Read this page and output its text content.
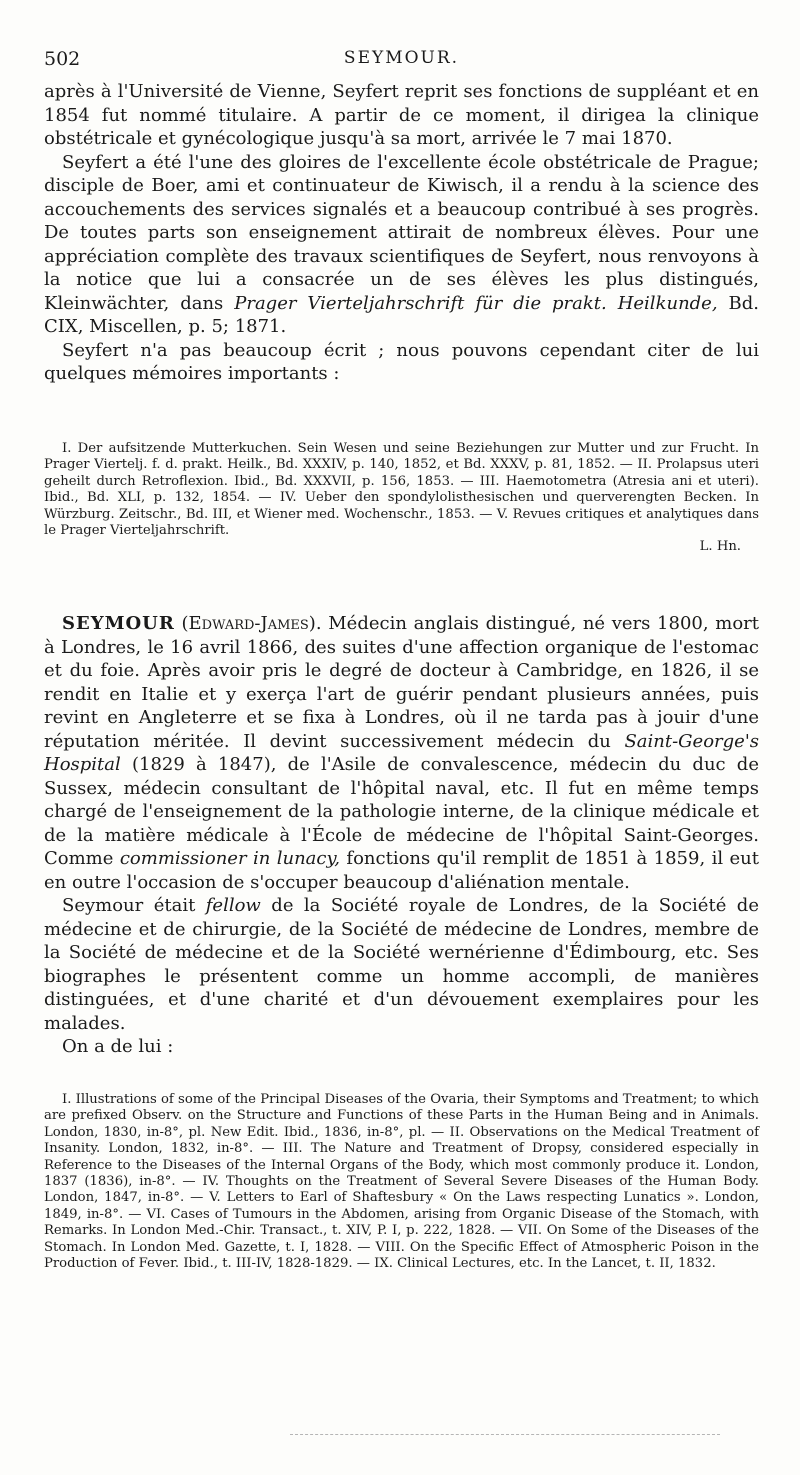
502	SEYMOUR.

après à l'Université de Vienne, Seyfert reprit ses fonctions de suppléant et en 1854 fut nommé titulaire. A partir de ce moment, il dirigea la clinique obstétricale et gynécologique jusqu'à sa mort, arrivée le 7 mai 1870.

Seyfert a été l'une des gloires de l'excellente école obstétricale de Prague; disciple de Boer, ami et continuateur de Kiwisch, il a rendu à la science des accouchements des services signalés et a beaucoup contribué à ses progrès. De toutes parts son enseignement attirait de nombreux élèves. Pour une appréciation complète des travaux scientifiques de Seyfert, nous renvoyons à la notice que lui a consacrée un de ses élèves les plus distingués, Kleinwächter, dans Prager Vierteljahrschrift für die prakt. Heilkunde, Bd. CIX, Miscellen, p. 5; 1871.

Seyfert n'a pas beaucoup écrit ; nous pouvons cependant citer de lui quelques mémoires importants :

I. Der aufsitzende Mutterkuchen. Sein Wesen und seine Beziehungen zur Mutter und zur Frucht. In Prager Viertelj. f. d. prakt. Heilk., Bd. XXXIV, p. 140, 1852, et Bd. XXXV, p. 81, 1852. — II. Prolapsus uteri geheilt durch Retroflexion. Ibid., Bd. XXXVII, p. 156, 1853. — III. Haemotometra (Atresia ani et uteri). Ibid., Bd. XLI, p. 132, 1854. — IV. Ueber den spondylolisthesischen und querverengten Becken. In Würzburg. Zeitschr., Bd. III, et Wiener med. Wochenschr., 1853. — V. Revues critiques et analytiques dans le Prager Vierteljahrschrift.

L. Hn.

SEYMOUR (Edward-James). Médecin anglais distingué, né vers 1800, mort à Londres, le 16 avril 1866, des suites d'une affection organique de l'estomac et du foie. Après avoir pris le degré de docteur à Cambridge, en 1826, il se rendit en Italie et y exerça l'art de guérir pendant plusieurs années, puis revint en Angleterre et se fixa à Londres, où il ne tarda pas à jouir d'une réputation méritée. Il devint successivement médecin du Saint-George's Hospital (1829 à 1847), de l'Asile de convalescence, médecin du duc de Sussex, médecin consultant de l'hôpital naval, etc. Il fut en même temps chargé de l'enseignement de la pathologie interne, de la clinique médicale et de la matière médicale à l'École de médecine de l'hôpital Saint-Georges. Comme commissioner in lunacy, fonctions qu'il remplit de 1851 à 1859, il eut en outre l'occasion de s'occuper beaucoup d'aliénation mentale.

Seymour était fellow de la Société royale de Londres, de la Société de médecine et de chirurgie, de la Société de médecine de Londres, membre de la Société de médecine et de la Société wernérienne d'Édimbourg, etc. Ses biographes le présentent comme un homme accompli, de manières distinguées, et d'une charité et d'un dévouement exemplaires pour les malades.

On a de lui :

I. Illustrations of some of the Principal Diseases of the Ovaria, their Symptoms and Treatment; to which are prefixed Observ. on the Structure and Functions of these Parts in the Human Being and in Animals. London, 1830, in-8°, pl. New Edit. Ibid., 1836, in-8°, pl. — II. Observations on the Medical Treatment of Insanity. London, 1832, in-8°. — III. The Nature and Treatment of Dropsy, considered especially in Reference to the Diseases of the Internal Organs of the Body, which most commonly produce it. London, 1837 (1836), in-8°. — IV. Thoughts on the Treatment of Several Severe Diseases of the Human Body. London, 1847, in-8°. — V. Letters to Earl of Shaftesbury « On the Laws respecting Lunatics ». London, 1849, in-8°. — VI. Cases of Tumours in the Abdomen, arising from Organic Disease of the Stomach, with Remarks. In London Med.-Chir. Transact., t. XIV, P. I, p. 222, 1828. — VII. On Some of the Diseases of the Stomach. In London Med. Gazette, t. I, 1828. — VIII. On the Specific Effect of Atmospheric Poison in the Production of Fever. Ibid., t. III-IV, 1828-1829. — IX. Clinical Lectures, etc. In the Lancet, t. II, 1832.
